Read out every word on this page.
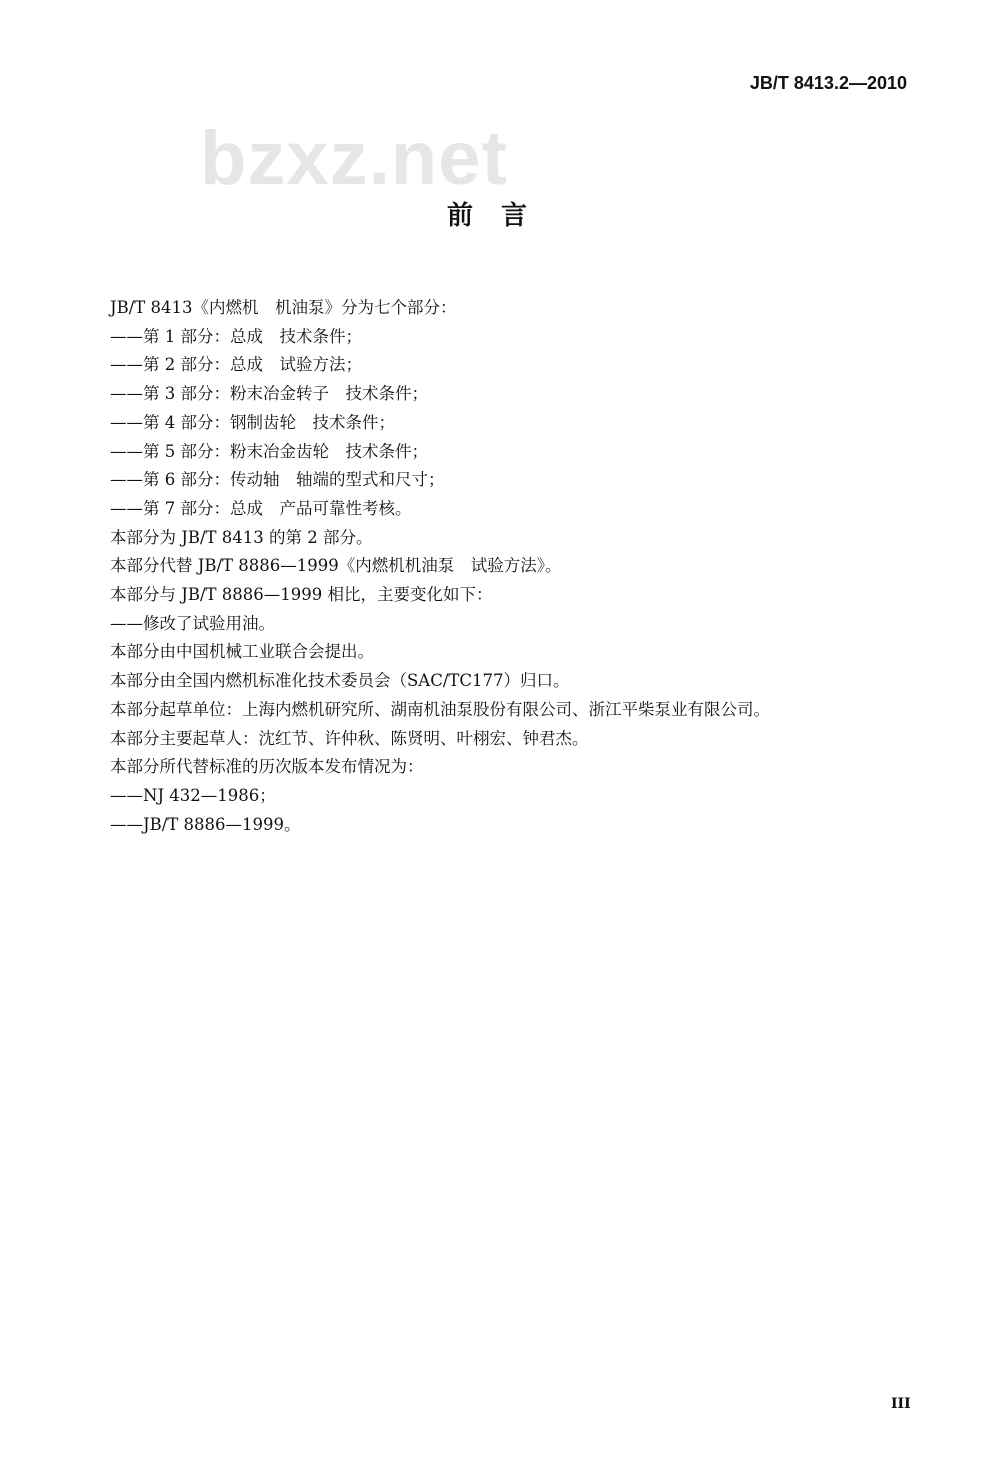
JB/T 8413.2—2010
bzxz.net
前　言
JB/T 8413《内燃机　机油泵》分为七个部分：
——第 1 部分：总成　技术条件；
——第 2 部分：总成　试验方法；
——第 3 部分：粉末冶金转子　技术条件；
——第 4 部分：钢制齿轮　技术条件；
——第 5 部分：粉末冶金齿轮　技术条件；
——第 6 部分：传动轴　轴端的型式和尺寸；
——第 7 部分：总成　产品可靠性考核。
本部分为 JB/T 8413 的第 2 部分。
本部分代替 JB/T 8886—1999《内燃机机油泵　试验方法》。
本部分与 JB/T 8886—1999 相比，主要变化如下：
——修改了试验用油。
本部分由中国机械工业联合会提出。
本部分由全国内燃机标准化技术委员会（SAC/TC177）归口。
本部分起草单位：上海内燃机研究所、湖南机油泵股份有限公司、浙江平柴泵业有限公司。
本部分主要起草人：沈红节、许仲秋、陈贤明、叶栩宏、钟君杰。
本部分所代替标准的历次版本发布情况为：
——NJ 432—1986；
——JB/T 8886—1999。
III
